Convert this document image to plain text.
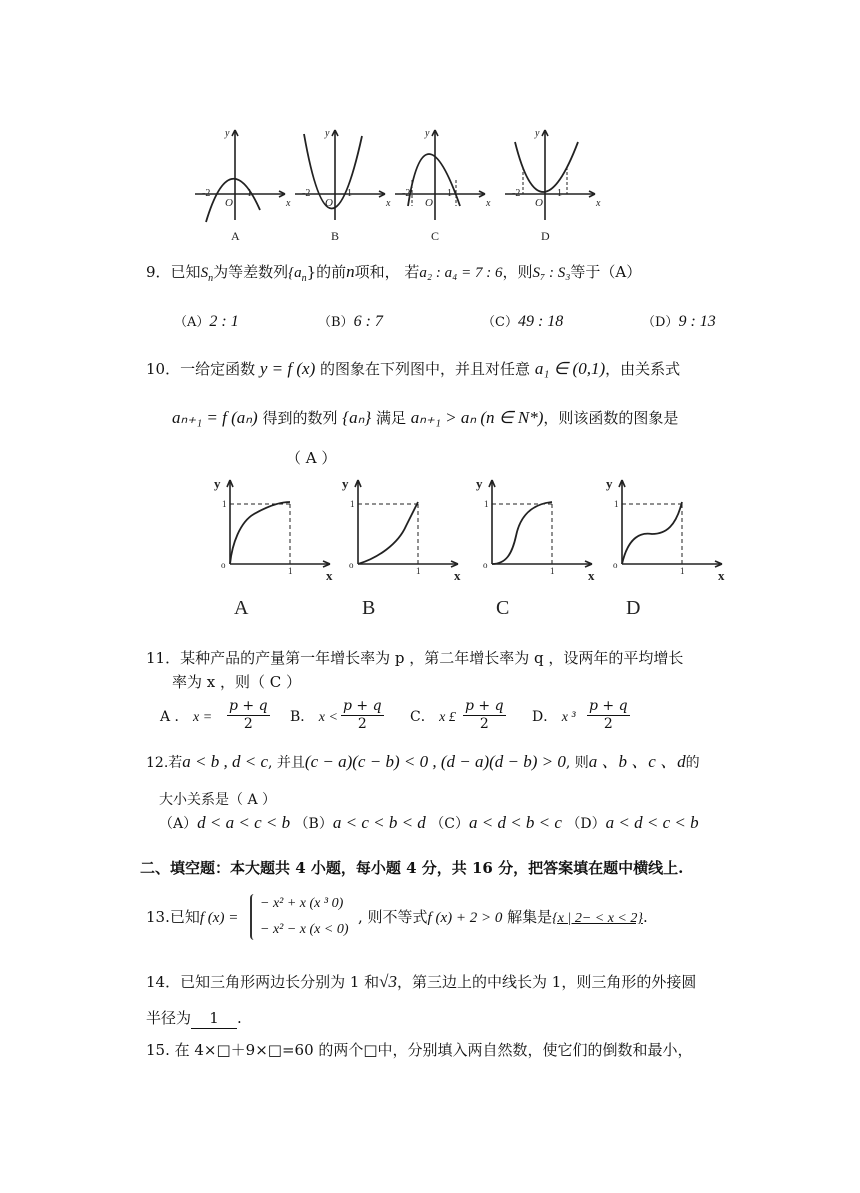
y
x
O
-2	1
A
y
x
O
-2	1
B
y
x
O
-2	1
C
y
x
O
-2	1
D
9．已知$S_n$为等差数列$\{a_n\}$的前n项和， 若a₂ : a₄ = 7 : 6，则S₇ : S₃等于（A）
（A）2 : 1	（B）6 : 7	（C）49 : 18	（D）9 : 13
10．一给定函数 y = f (x) 的图象在下列图中，并且对任意 a₁ ∈ (0,1)，由关系式
aₙ₊₁ = f (aₙ) 得到的数列 {aₙ} 满足 aₙ₊₁ > aₙ (n ∈ N*)，则该函数的图象是
（ A ）
y
x
o
1
1
A
y
x
o
1
1
B
y
x
o
1
1
C
y
x
o
1
1
D
11．某种产品的产量第一年增长率为 p ，第二年增长率为 q ，设两年的平均增长
率为 x ，则（ C ）
A ． $x = \frac{p + q}{2}$ B． $x < \frac{p + q}{2}$ C． x £ $\frac{p + q}{2}$ D． x $^3 \frac{p + q}{2}$
12.若a < b , d < c, 并且(c − a)(c − b) < 0 , (d − a)(d − b) > 0, 则a 、b 、c 、d的
大小关系是（ A ）
（A）d < a < c < b （B）a < c < b < d （C）a < d < b < c （D）a < d < c < b
二、填空题：本大题共 4 小题，每小题 4 分，共 16 分，把答案填在题中横线上.
13.已知f (x) =
− x² + x (x ³ 0)
− x² − x (x < 0)
, 则不等式f (x) + 2 > 0 解集是{x | 2− < x < 2}.
14．已知三角形两边长分别为 1 和√3，第三边上的中线长为 1，则三角形的外接圆
半径为 1 .
15. 在 4×□＋9×□=60 的两个□中，分别填入两自然数，使它们的倒数和最小，
